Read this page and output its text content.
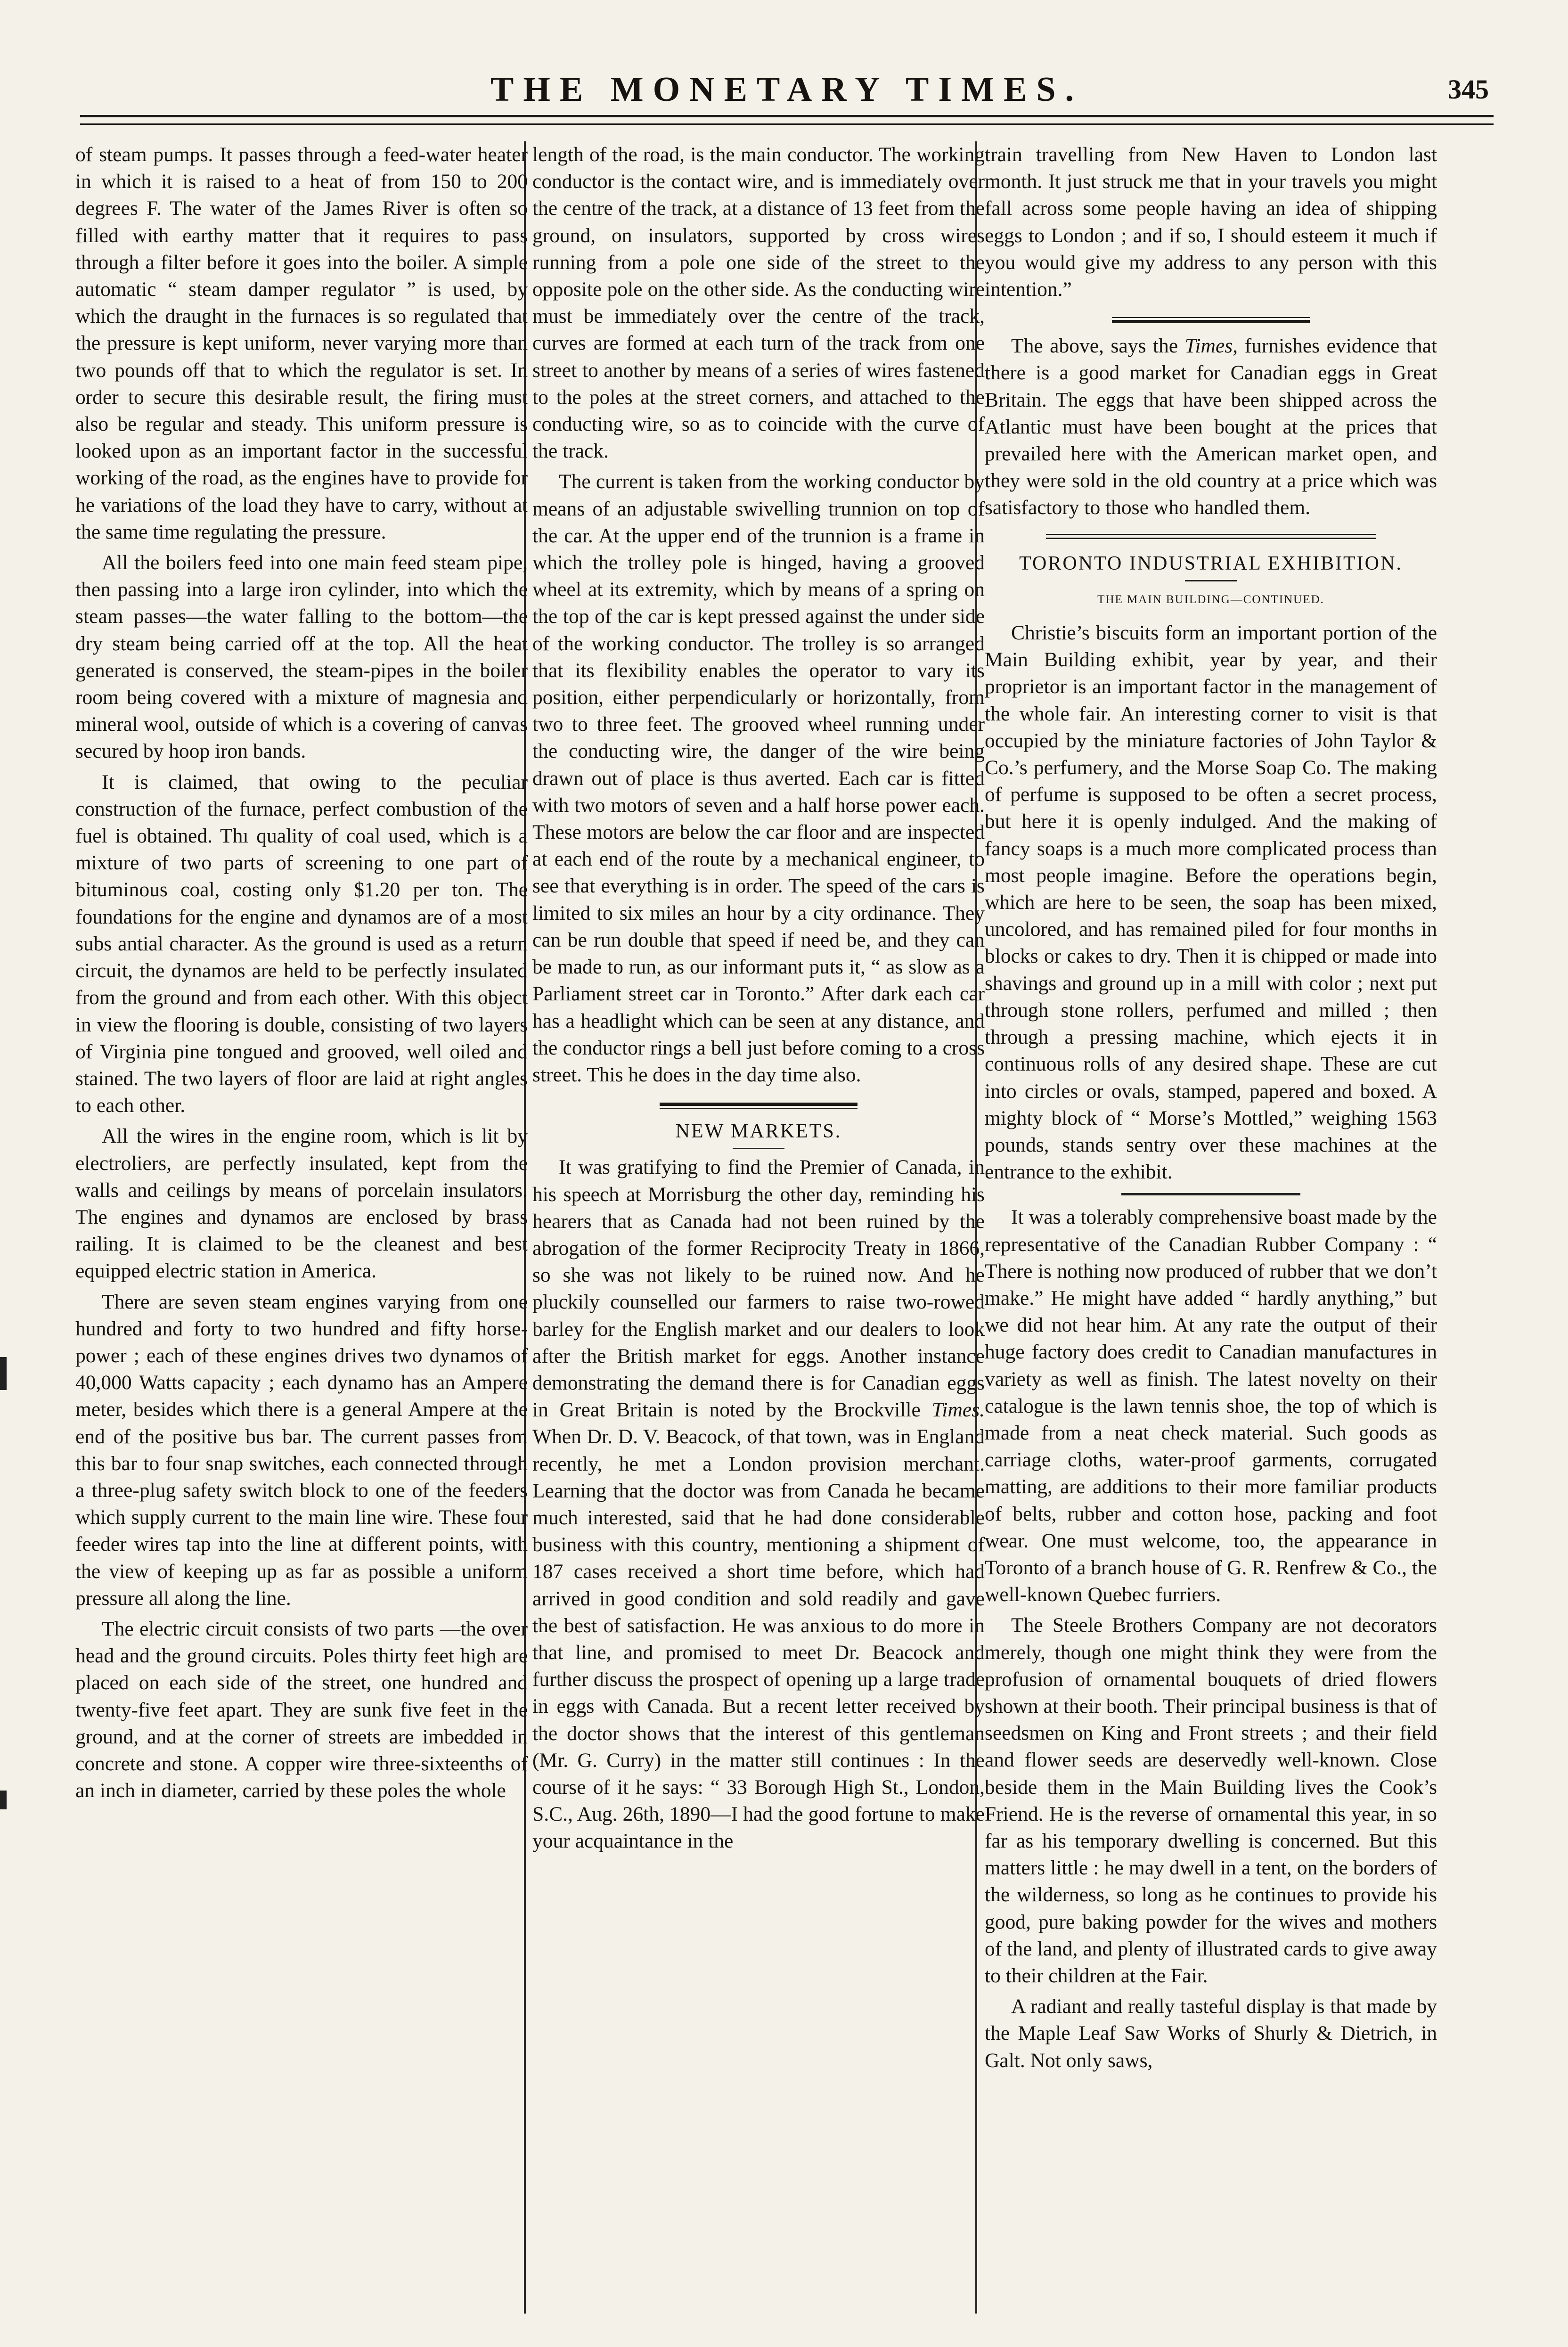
THE MONETARY TIMES.	345

of steam pumps. It passes through a feed-water heater in which it is raised to a heat of from 150 to 200 degrees F. The water of the James River is often so filled with earthy matter that it requires to pass through a filter before it goes into the boiler. A simple automatic “ steam damper regulator ” is used, by which the draught in the furnaces is so regulated that the pressure is kept uniform, never varying more than two pounds off that to which the regulator is set. In order to secure this desirable result, the firing must also be regular and steady. This uniform pressure is looked upon as an important factor in the successful working of the road, as the engines have to provide for he variations of the load they have to carry, without at the same time regulating the pressure.

All the boilers feed into one main feed steam pipe, then passing into a large iron cylinder, into which the steam passes—the water falling to the bottom—the dry steam being carried off at the top. All the heat generated is conserved, the steam-pipes in the boiler room being covered with a mixture of magnesia and mineral wool, outside of which is a covering of canvas secured by hoop iron bands.

It is claimed, that owing to the peculiar construction of the furnace, perfect combustion of the fuel is obtained. Thı quality of coal used, which is a mixture of two parts of screening to one part of bituminous coal, costing only $1.20 per ton. The foundations for the engine and dynamos are of a most subs antial character. As the ground is used as a return circuit, the dynamos are held to be perfectly insulated from the ground and from each other. With this object in view the flooring is double, consisting of two layers of Virginia pine tongued and grooved, well oiled and stained. The two layers of floor are laid at right angles to each other.

All the wires in the engine room, which is lit by electroliers, are perfectly insulated, kept from the walls and ceilings by means of porcelain insulators. The engines and dynamos are enclosed by brass railing. It is claimed to be the cleanest and best equipped electric station in America.

There are seven steam engines varying from one hundred and forty to two hundred and fifty horse-power ; each of these engines drives two dynamos of 40,000 Watts capacity ; each dynamo has an Ampere meter, besides which there is a general Ampere at the end of the positive bus bar. The current passes from this bar to four snap switches, each connected through a three-plug safety switch block to one of the feeders which supply current to the main line wire. These four feeder wires tap into the line at different points, with the view of keeping up as far as possible a uniform pressure all along the line.

The electric circuit consists of two parts —the over head and the ground circuits. Poles thirty feet high are placed on each side of the street, one hundred and twenty-five feet apart. They are sunk five feet in the ground, and at the corner of streets are imbedded in concrete and stone. A copper wire three-sixteenths of an inch in diameter, carried by these poles the whole

length of the road, is the main conductor. The working conductor is the contact wire, and is immediately over the centre of the track, at a distance of 13 feet from the ground, on insulators, supported by cross wires running from a pole one side of the street to the opposite pole on the other side. As the conducting wire must be immediately over the centre of the track, curves are formed at each turn of the track from one street to another by means of a series of wires fastened to the poles at the street corners, and attached to the conducting wire, so as to coincide with the curve of the track.

The current is taken from the working conductor by means of an adjustable swivelling trunnion on top of the car. At the upper end of the trunnion is a frame in which the trolley pole is hinged, having a grooved wheel at its extremity, which by means of a spring on the top of the car is kept pressed against the under side of the working conductor. The trolley is so arranged that its flexibility enables the operator to vary its position, either perpendicularly or horizontally, from two to three feet. The grooved wheel running under the conducting wire, the danger of the wire being drawn out of place is thus averted. Each car is fitted with two motors of seven and a half horse power each. These motors are below the car floor and are inspected at each end of the route by a mechanical engineer, to see that everything is in order. The speed of the cars is limited to six miles an hour by a city ordinance. They can be run double that speed if need be, and they can be made to run, as our informant puts it, “ as slow as a Parliament street car in Toronto.” After dark each car has a headlight which can be seen at any distance, and the conductor rings a bell just before coming to a cross street. This he does in the day time also.

NEW MARKETS.

It was gratifying to find the Premier of Canada, in his speech at Morrisburg the other day, reminding his hearers that as Canada had not been ruined by the abrogation of the former Reciprocity Treaty in 1866, so she was not likely to be ruined now. And he pluckily counselled our farmers to raise two-rowed barley for the English market and our dealers to look after the British market for eggs. Another instance demonstrating the demand there is for Canadian eggs in Great Britain is noted by the Brockville Times. When Dr. D. V. Beacock, of that town, was in England recently, he met a London provision merchant. Learning that the doctor was from Canada he became much interested, said that he had done considerable business with this country, mentioning a shipment of 187 cases received a short time before, which had arrived in good condition and sold readily and gave the best of satisfaction. He was anxious to do more in that line, and promised to meet Dr. Beacock and further discuss the prospect of opening up a large trade in eggs with Canada. But a recent letter received by the doctor shows that the interest of this gentleman (Mr. G. Curry) in the matter still continues : In the course of it he says: “ 33 Borough High St., London, S.C., Aug. 26th, 1890—I had the good fortune to make your acquaintance in the

train travelling from New Haven to London last month. It just struck me that in your travels you might fall across some people having an idea of shipping eggs to London ; and if so, I should esteem it much if you would give my address to any person with this intention.”

The above, says the Times, furnishes evidence that there is a good market for Canadian eggs in Great Britain. The eggs that have been shipped across the Atlantic must have been bought at the prices that prevailed here with the American market open, and they were sold in the old country at a price which was satisfactory to those who handled them.

TORONTO INDUSTRIAL EXHIBITION.
THE MAIN BUILDING—CONTINUED.

Christie’s biscuits form an important portion of the Main Building exhibit, year by year, and their proprietor is an important factor in the management of the whole fair. An interesting corner to visit is that occupied by the miniature factories of John Taylor & Co.’s perfumery, and the Morse Soap Co. The making of perfume is supposed to be often a secret process, but here it is openly indulged. And the making of fancy soaps is a much more complicated process than most people imagine. Before the operations begin, which are here to be seen, the soap has been mixed, uncolored, and has remained piled for four months in blocks or cakes to dry. Then it is chipped or made into shavings and ground up in a mill with color ; next put through stone rollers, perfumed and milled ; then through a pressing machine, which ejects it in continuous rolls of any desired shape. These are cut into circles or ovals, stamped, papered and boxed. A mighty block of “ Morse’s Mottled,” weighing 1563 pounds, stands sentry over these machines at the entrance to the exhibit.

It was a tolerably comprehensive boast made by the representative of the Canadian Rubber Company : “ There is nothing now produced of rubber that we don’t make.” He might have added “ hardly anything,” but we did not hear him. At any rate the output of their huge factory does credit to Canadian manufactures in variety as well as finish. The latest novelty on their catalogue is the lawn tennis shoe, the top of which is made from a neat check material. Such goods as carriage cloths, water-proof garments, corrugated matting, are additions to their more familiar products of belts, rubber and cotton hose, packing and foot wear. One must welcome, too, the appearance in Toronto of a branch house of G. R. Renfrew & Co., the well-known Quebec furriers.

The Steele Brothers Company are not decorators merely, though one might think they were from the profusion of ornamental bouquets of dried flowers shown at their booth. Their principal business is that of seedsmen on King and Front streets ; and their field and flower seeds are deservedly well-known. Close beside them in the Main Building lives the Cook’s Friend. He is the reverse of ornamental this year, in so far as his temporary dwelling is concerned. But this matters little : he may dwell in a tent, on the borders of the wilderness, so long as he continues to provide his good, pure baking powder for the wives and mothers of the land, and plenty of illustrated cards to give away to their children at the Fair.

A radiant and really tasteful display is that made by the Maple Leaf Saw Works of Shurly & Dietrich, in Galt. Not only saws,
